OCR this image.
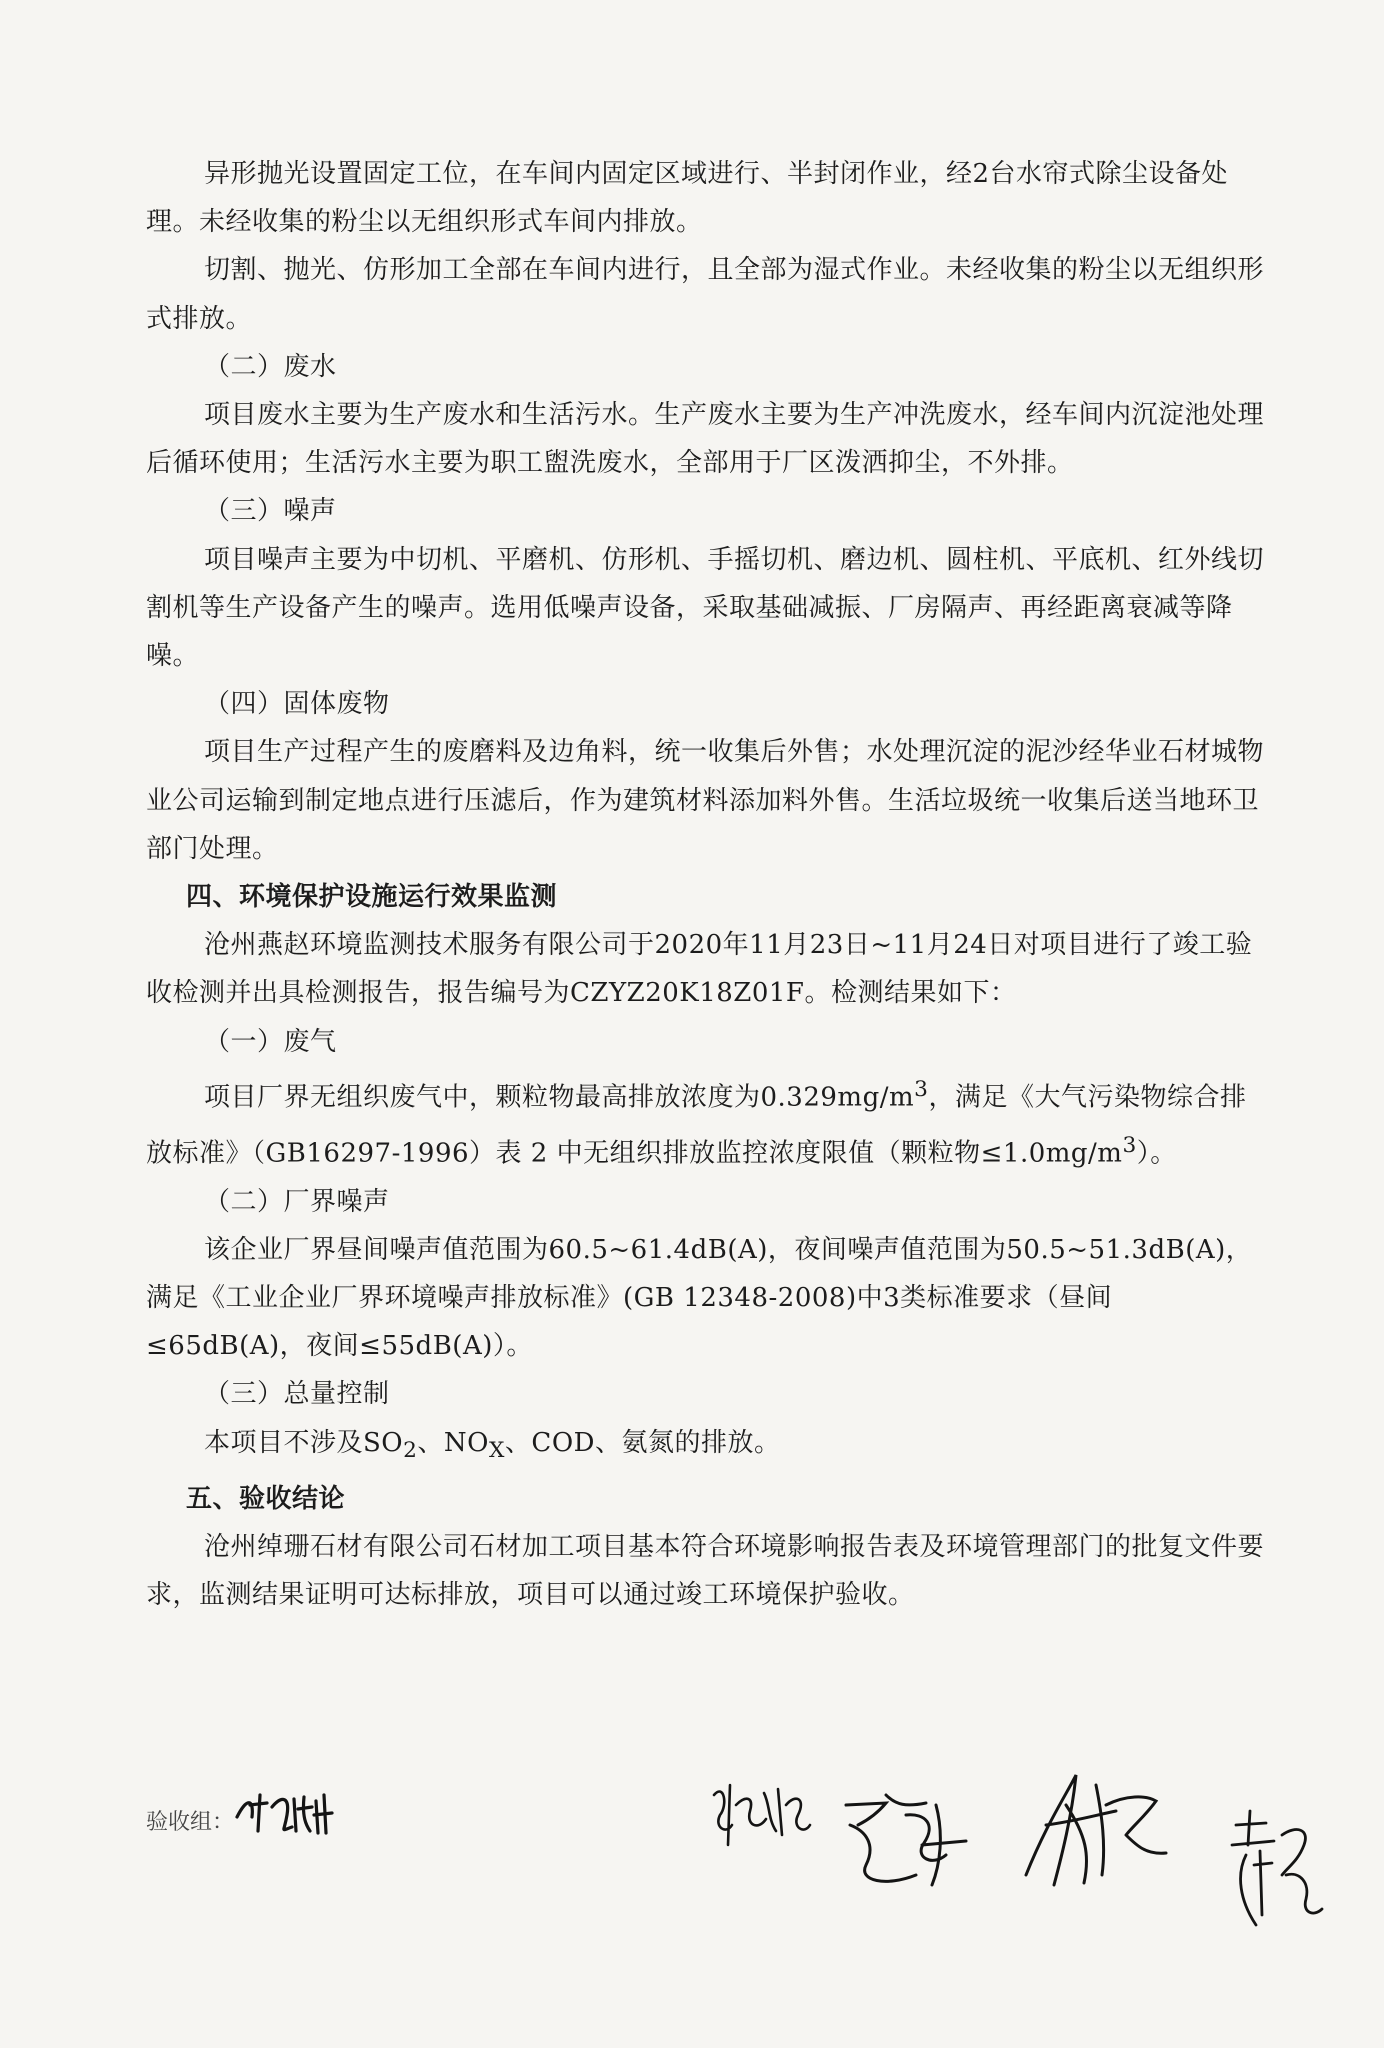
异形抛光设置固定工位，在车间内固定区域进行、半封闭作业，经2台水帘式除尘设备处理。未经收集的粉尘以无组织形式车间内排放。

切割、抛光、仿形加工全部在车间内进行，且全部为湿式作业。未经收集的粉尘以无组织形式排放。

（二）废水

项目废水主要为生产废水和生活污水。生产废水主要为生产冲洗废水，经车间内沉淀池处理后循环使用；生活污水主要为职工盥洗废水，全部用于厂区泼洒抑尘，不外排。

（三）噪声

项目噪声主要为中切机、平磨机、仿形机、手摇切机、磨边机、圆柱机、平底机、红外线切割机等生产设备产生的噪声。选用低噪声设备，采取基础减振、厂房隔声、再经距离衰减等降噪。

（四）固体废物

项目生产过程产生的废磨料及边角料，统一收集后外售；水处理沉淀的泥沙经华业石材城物业公司运输到制定地点进行压滤后，作为建筑材料添加料外售。生活垃圾统一收集后送当地环卫部门处理。

四、环境保护设施运行效果监测

沧州燕赵环境监测技术服务有限公司于2020年11月23日~11月24日对项目进行了竣工验收检测并出具检测报告，报告编号为CZYZ20K18Z01F。检测结果如下：

（一）废气

项目厂界无组织废气中，颗粒物最高排放浓度为$0.329mg/m^3$，满足《大气污染物综合排放标准》（GB16297-1996）表 2 中无组织排放监控浓度限值（颗粒物$\le 1.0mg/m^3$）。

（二）厂界噪声

该企业厂界昼间噪声值范围为60.5~61.4dB(A)，夜间噪声值范围为50.5~51.3dB(A)，满足《工业企业厂界环境噪声排放标准》(GB 12348-2008)中3类标准要求（昼间≤65dB(A)，夜间≤55dB(A)）。

（三）总量控制

本项目不涉及$SO_2$、$NO_X$、COD、氨氮的排放。

五、验收结论

沧州绰珊石材有限公司石材加工项目基本符合环境影响报告表及环境管理部门的批复文件要求，监测结果证明可达标排放，项目可以通过竣工环境保护验收。

验收组：
